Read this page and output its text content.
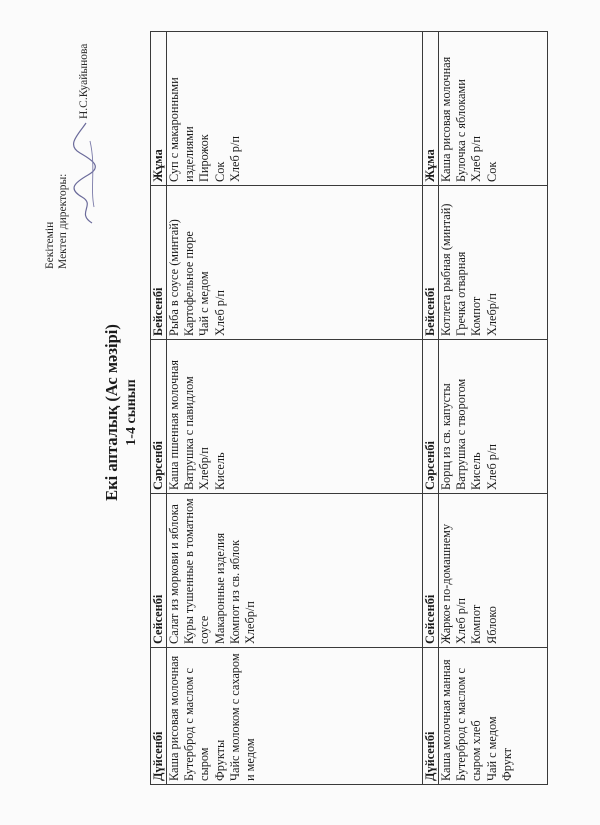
Бекітемін Мектеп директоры:
Н.С.Куайынова
Екі апталық (Ас мәзірі) 1-4 сынып
Дүйсенбі	Сейсенбі	Сәрсенбі	Бейсенбі	Жұма

Каша рисовая молочная Бутерброд с маслом с сыром Фрукты Чайс молоком с сахаром и медом	Салат из моркови и яблока Куры тушенные в томатном соусе Макаронные изделия Компот из св. яблок Хлебр/п	Каша пшенная молочная Ватрушка с павидлом Хлебр/п Кисель	Рыба в соусе (минтай) Картофельное пюре Чай с медом Хлеб р/п	Суп с макаронными изделиями Пирожок Сок Хлеб р/п

Дүйсенбі	Сейсенбі	Сәрсенбі	Бейсенбі	Жұма

Каша молочная манная Бутерброд с маслом с сыром хлеб Чай с медом Фрукт	Жаркое по-домашнему Хлеб р/п Компот Яблоко	Борщ из св. капусты Ватрушка с творогом Кисель Хлеб р/п	Котлета рыбная (минтай) Гречка отварная Компот Хлебр/п	Каша рисовая молочная Булочка с яблоками Хлеб р/п Сок
